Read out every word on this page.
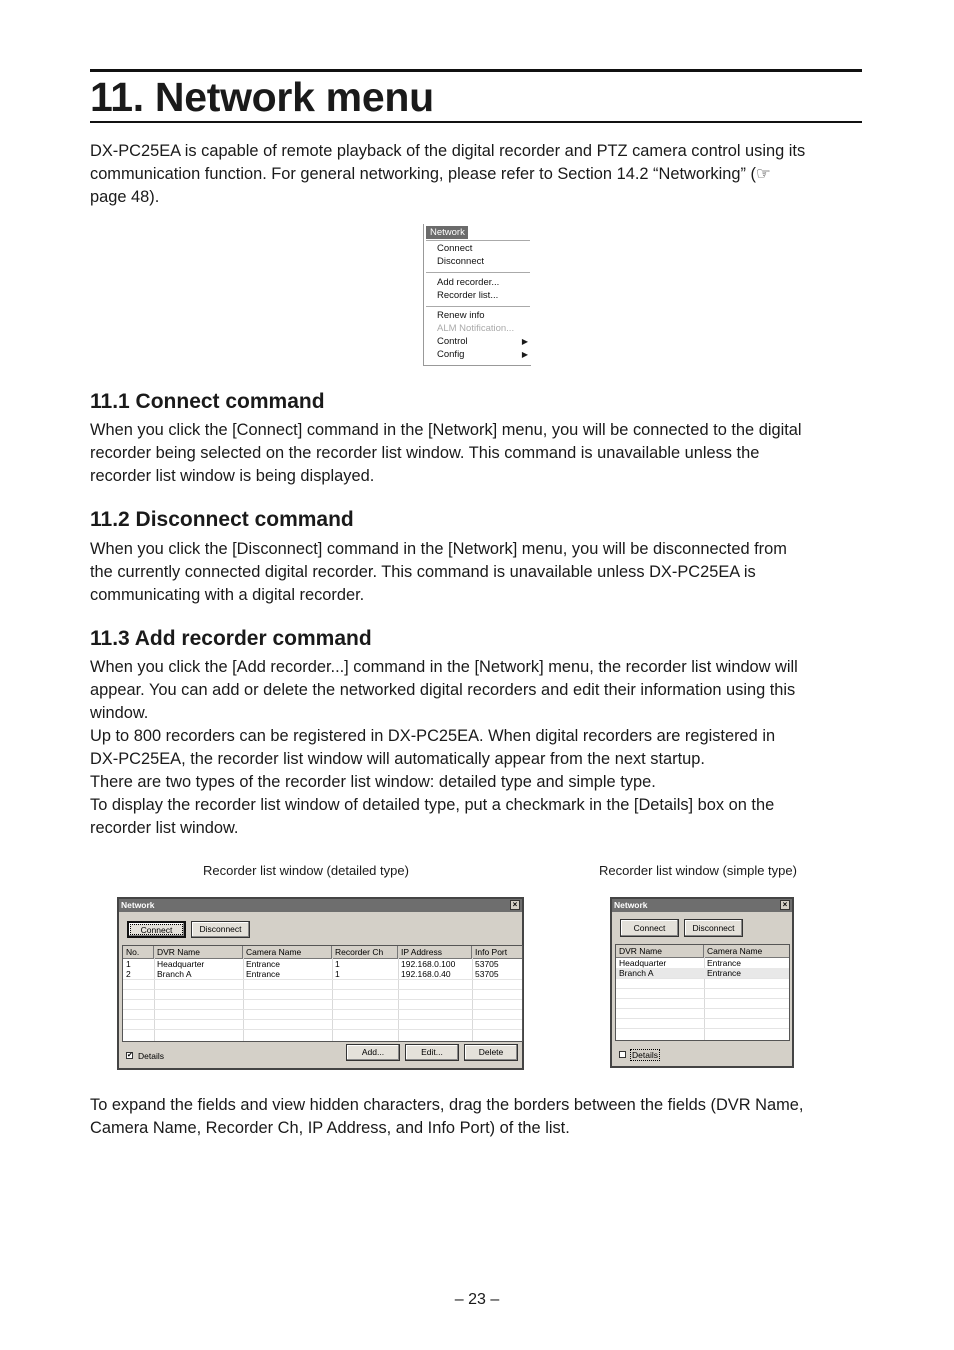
11. Network menu

DX-PC25EA is capable of remote playback of the digital recorder and PTZ camera control using its
communication function. For general networking, please refer to Section 14.2 “Networking” (☞
page 48).

Network
Connect
Disconnect
Add recorder...
Recorder list...
Renew info
ALM Notification...
Control	▶
Config	▶
11.1 Connect command

When you click the [Connect] command in the [Network] menu, you will be connected to the digital
recorder being selected on the recorder list window. This command is unavailable unless the
recorder list window is being displayed.

11.2 Disconnect command

When you click the [Disconnect] command in the [Network] menu, you will be disconnected from
the currently connected digital recorder. This command is unavailable unless DX-PC25EA is
communicating with a digital recorder.

11.3 Add recorder command

When you click the [Add recorder...] command in the [Network] menu, the recorder list window will
appear. You can add or delete the networked digital recorders and edit their information using this
window.
Up to 800 recorders can be registered in DX-PC25EA. When digital recorders are registered in
DX-PC25EA, the recorder list window will automatically appear from the next startup.
There are two types of the recorder list window: detailed type and simple type.
To display the recorder list window of detailed type, put a checkmark in the [Details] box on the
recorder list window.

Recorder list window (detailed type)	Recorder list window (simple type)
Network	×
Connect	Disconnect
No.	DVR Name	Camera Name	Recorder Ch	IP Address	Info Port
1	Headquarter	Entrance	1	192.168.0.100	53705
2	Branch A	Entrance	1	192.168.0.40	53705
✔ Details	Add...	Edit...	Delete
Network	×
Connect	Disconnect
DVR Name	Camera Name
Headquarter	Entrance
Branch A	Entrance
Details

To expand the fields and view hidden characters, drag the borders between the fields (DVR Name,
Camera Name, Recorder Ch, IP Address, and Info Port) of the list.

– 23 –
